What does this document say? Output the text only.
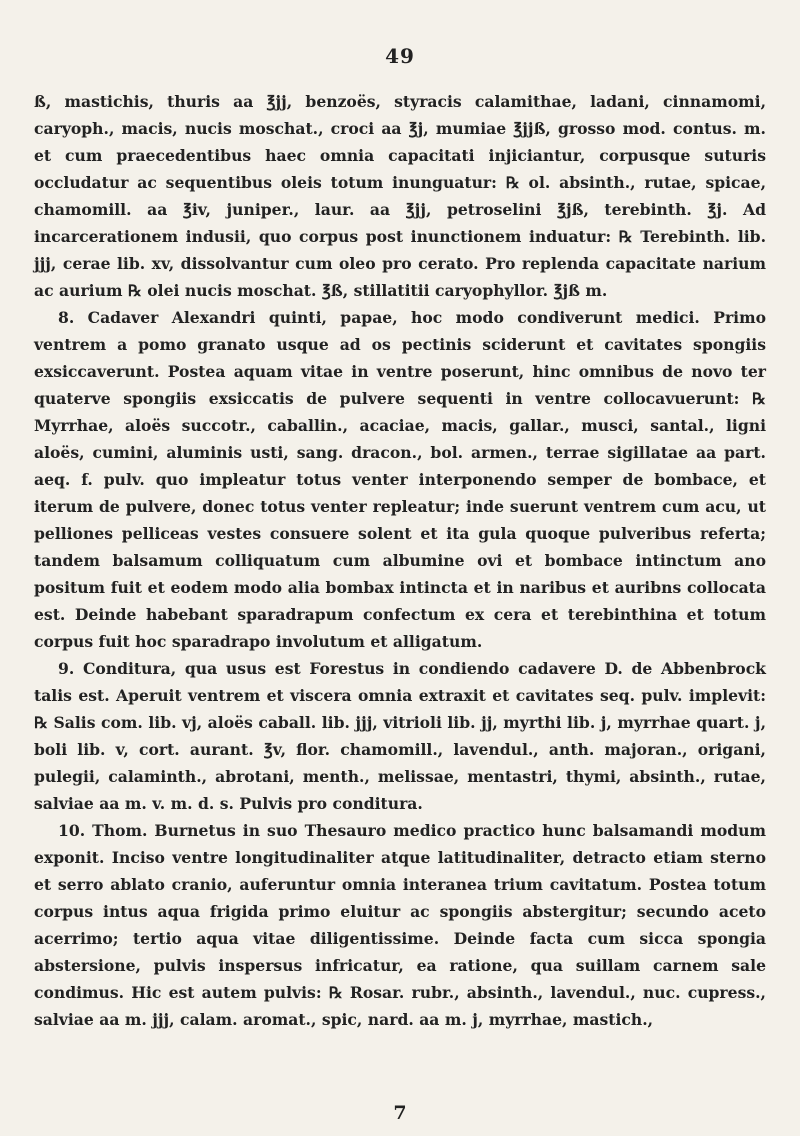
49

ß, mastichis, thuris aa ℥jj, benzoës, styracis calamithae, ladani, cinnamomi, caryoph., macis, nucis moschat., croci aa ℥j, mumiae ℥jjß, grosso mod. contus. m. et cum praecedentibus haec omnia capacitati injiciantur, corpusque suturis occludatur ac sequentibus oleis totum inunguatur: ℞ ol. absinth., rutae, spicae, chamomill. aa ℥iv, juniper., laur. aa ℥jj, petroselini ℥jß, terebinth. ℥j. Ad incarcerationem indusii, quo corpus post inunctionem induatur: ℞ Terebinth. lib. jjj, cerae lib. xv, dissolvantur cum oleo pro cerato. Pro replenda capacitate narium ac aurium ℞ olei nucis moschat. ℥ß, stillatitii caryophyllor. ℥jß m.

8. Cadaver Alexandri quinti, papae, hoc modo condiverunt medici. Primo ventrem a pomo granato usque ad os pectinis sciderunt et cavitates spongiis exsiccaverunt. Postea aquam vitae in ventre poserunt, hinc omnibus de novo ter quaterve spongiis exsiccatis de pulvere sequenti in ventre collocavuerunt: ℞ Myrrhae, aloës succotr., caballin., acaciae, macis, gallar., musci, santal., ligni aloës, cumini, aluminis usti, sang. dracon., bol. armen., terrae sigillatae aa part. aeq. f. pulv. quo impleatur totus venter interponendo semper de bombace, et iterum de pulvere, donec totus venter repleatur; inde suerunt ventrem cum acu, ut pelliones pelliceas vestes consuere solent et ita gula quoque pulveribus referta; tandem balsamum colliquatum cum albumine ovi et bombace intinctum ano positum fuit et eodem modo alia bombax intincta et in naribus et auribns collocata est. Deinde habebant sparadrapum confectum ex cera et terebinthina et totum corpus fuit hoc sparadrapo involutum et alligatum.

9. Conditura, qua usus est Forestus in condiendo cadavere D. de Abbenbrock talis est. Aperuit ventrem et viscera omnia extraxit et cavitates seq. pulv. implevit: ℞ Salis com. lib. vj, aloës caball. lib. jjj, vitrioli lib. jj, myrthi lib. j, myrrhae quart. j, boli lib. v, cort. aurant. ℥v, flor. chamomill., lavendul., anth. majoran., origani, pulegii, calaminth., abrotani, menth., melissae, mentastri, thymi, absinth., rutae, salviae aa m. v. m. d. s. Pulvis pro conditura.

10. Thom. Burnetus in suo Thesauro medico practico hunc balsamandi modum exponit. Inciso ventre longitudinaliter atque latitudinaliter, detracto etiam sterno et serro ablato cranio, auferuntur omnia interanea trium cavitatum. Postea totum corpus intus aqua frigida primo eluitur ac spongiis abstergitur; secundo aceto acerrimo; tertio aqua vitae diligentissime. Deinde facta cum sicca spongia abstersione, pulvis inspersus infricatur, ea ratione, qua suillam carnem sale condimus. Hic est autem pulvis: ℞ Rosar. rubr., absinth., lavendul., nuc. cupress., salviae aa m. jjj, calam. aromat., spic, nard. aa m. j, myrrhae, mastich.,

7
